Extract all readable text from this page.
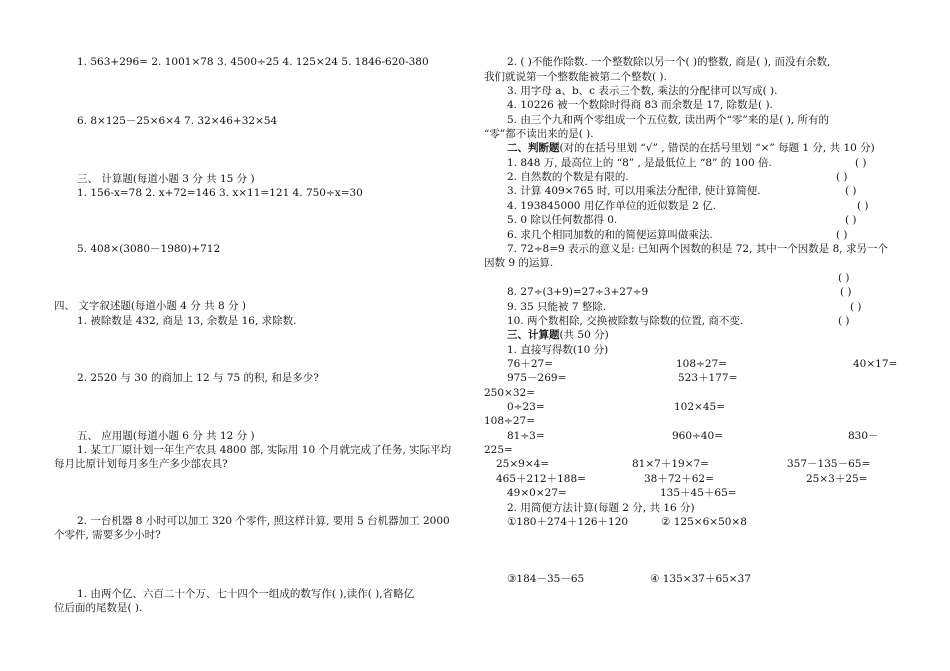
1. 563+296= 2. 1001×78 3. 4500÷25 4. 125×24 5. 1846-620-380
6. 8×125－25×6×4 7. 32×46+32×54
三、 计算题(每道小题 3 分 共 15 分 )
1. 156-x=78 2. x+72=146 3. x×11=121 4. 750÷x=30
5. 408×(3080－1980)+712
四、 文字叙述题(每道小题 4 分 共 8 分 )
1. 被除数是 432, 商是 13, 余数是 16, 求除数.
2. 2520 与 30 的商加上 12 与 75 的积, 和是多少?
五、 应用题(每道小题 6 分 共 12 分 )
1. 某工厂原计划一年生产农具 4800 部, 实际用 10 个月就完成了任务, 实际平均
每月比原计划每月多生产多少部农具?
2. 一台机器 8 小时可以加工 320 个零件, 照这样计算, 要用 5 台机器加工 2000
个零件, 需要多少小时?
1. 由两个亿、六百二十个万、七十四个一组成的数写作( ),读作( ),省略亿
位后面的尾数是( ).
2. ( )不能作除数. 一个整数除以另一个( )的整数, 商是( ), 而没有余数,
我们就说第一个整数能被第二个整数( ).
3. 用字母 a、b、c 表示三个数, 乘法的分配律可以写成( ).
4. 10226 被一个数除时得商 83 而余数是 17, 除数是( ).
5. 由三个九和两个零组成一个五位数, 读出两个“零”来的是( ), 所有的
“零”都不读出来的是( ).
二、判断题(对的在括号里划 “√” , 错误的在括号里划 “×” 每题 1 分, 共 10 分)
1. 848 万, 最高位上的 “8” , 是最低位上 “8” 的 100 倍.	( )
2. 自然数的个数是有限的.	( )
3. 计算 409×765 时, 可以用乘法分配律, 使计算简便.	( )
4. 193845000 用亿作单位的近似数是 2 亿.	( )
5. 0 除以任何数都得 0.	( )
6. 求几个相同加数的和的简便运算叫做乘法.	( )
7. 72÷8=9 表示的意义是: 已知两个因数的积是 72, 其中一个因数是 8, 求另一个
因数 9 的运算.
( )
8. 27÷(3+9)=27÷3+27÷9	( )
9. 35 只能被 7 整除.	( )
10. 两个数相除, 交换被除数与除数的位置, 商不变.	( )
三、计算题(共 50 分)
1. 直接写得数(10 分)
76＋27=	108÷27=	40×17=
975－269=	523＋177=
250×32=
0÷23=	102×45=
108÷27=
81÷3=	960÷40=	830－
225=
25×9×4=	81×7＋19×7=	357－135－65=
465＋212＋188=	38＋72＋62=	25×3＋25=
49×0×27=	135＋45＋65=
2. 用简便方法计算(每题 2 分, 共 16 分)
①180＋274＋126＋120	② 125×6×50×8
③184－35－65	④ 135×37＋65×37
